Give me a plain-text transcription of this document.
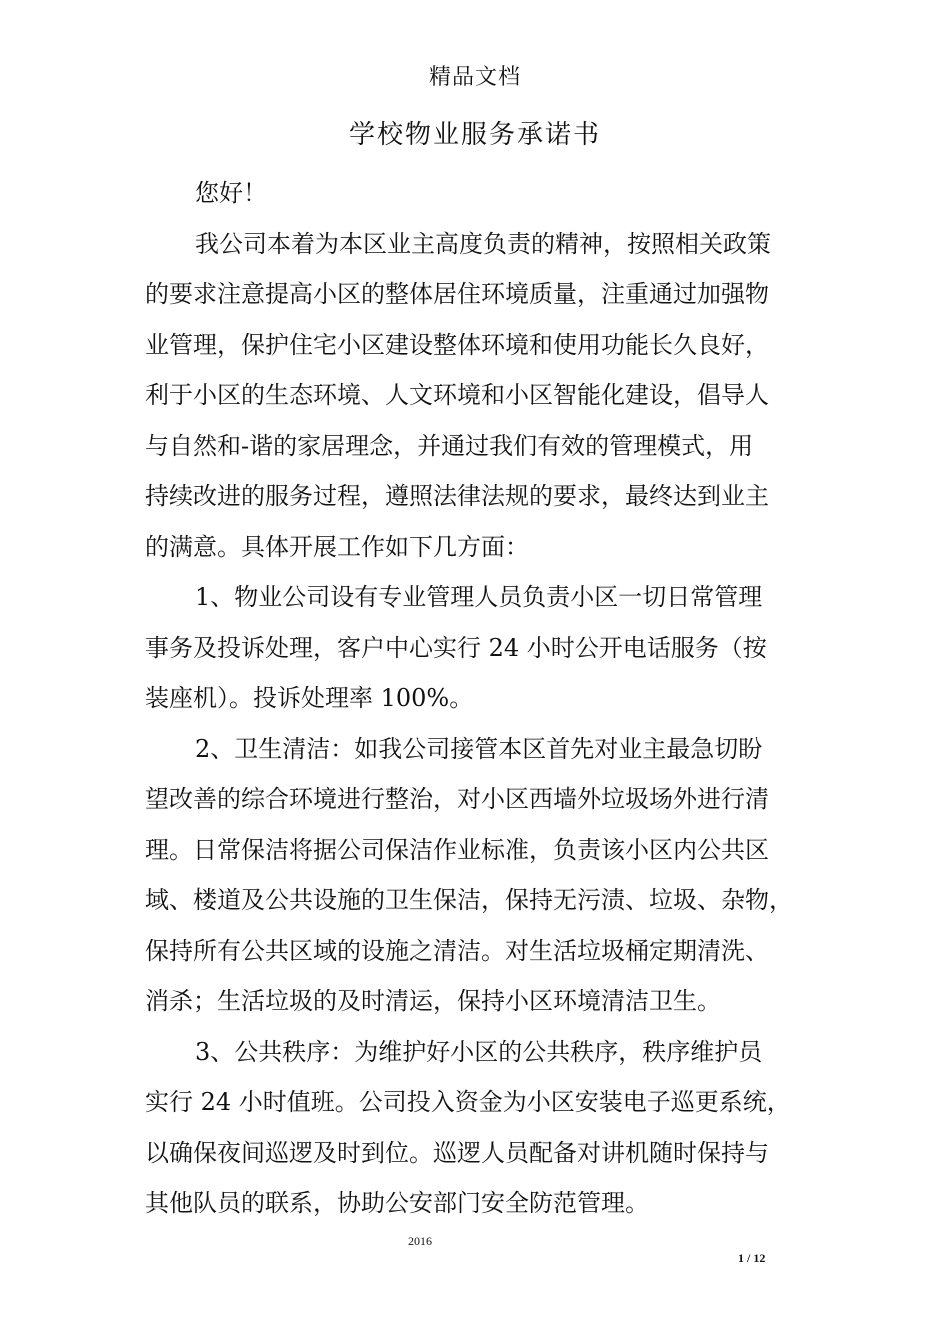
精品文档
学校物业服务承诺书
您好！
我公司本着为本区业主高度负责的精神，按照相关政策
的要求注意提高小区的整体居住环境质量，注重通过加强物
业管理，保护住宅小区建设整体环境和使用功能长久良好，
利于小区的生态环境、人文环境和小区智能化建设，倡导人
与自然和-谐的家居理念，并通过我们有效的管理模式，用
持续改进的服务过程，遵照法律法规的要求，最终达到业主
的满意。具体开展工作如下几方面：
1、物业公司设有专业管理人员负责小区一切日常管理
事务及投诉处理，客户中心实行 24 小时公开电话服务（按
装座机）。投诉处理率 100%。
2、卫生清洁：如我公司接管本区首先对业主最急切盼
望改善的综合环境进行整治，对小区西墙外垃圾场外进行清
理。日常保洁将据公司保洁作业标准，负责该小区内公共区
域、楼道及公共设施的卫生保洁，保持无污渍、垃圾、杂物，
保持所有公共区域的设施之清洁。对生活垃圾桶定期清洗、
消杀；生活垃圾的及时清运，保持小区环境清洁卫生。
3、公共秩序：为维护好小区的公共秩序，秩序维护员
实行 24 小时值班。公司投入资金为小区安装电子巡更系统，
以确保夜间巡逻及时到位。巡逻人员配备对讲机随时保持与
其他队员的联系，协助公安部门安全防范管理。
2016
1 / 12
